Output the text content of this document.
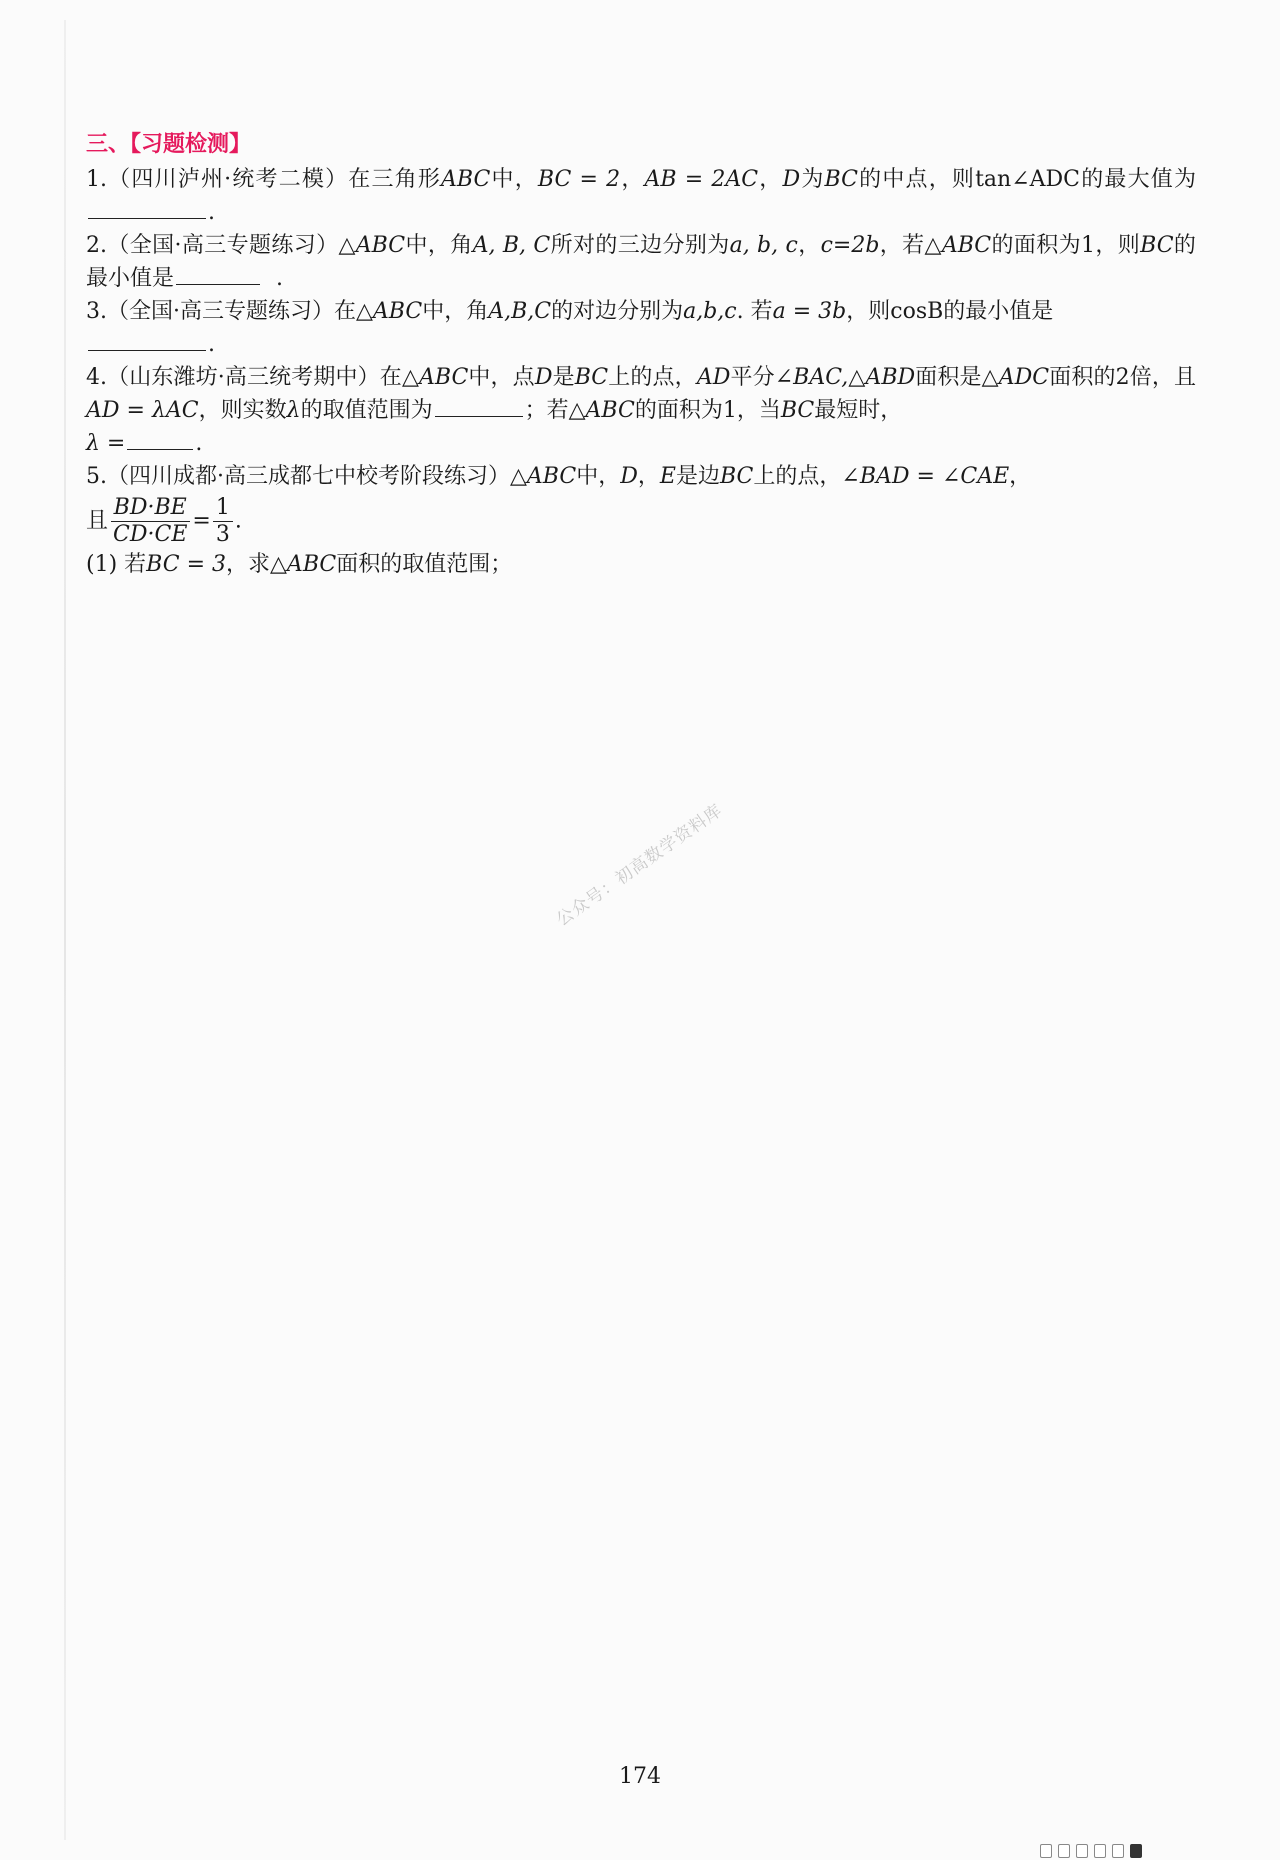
三、【习题检测】

1.（四川泸州·统考二模）在三角形ABC中，BC = 2，AB = 2AC，D为BC的中点，则tan∠ADC的最大值为.

2.（全国·高三专题练习）△ABC中，角A, B, C所对的三边分别为a, b, c，c=2b，若△ABC的面积为1，则BC的最小值是	.

3.（全国·高三专题练习）在△ABC中，角A,B,C的对边分别为a,b,c. 若a = 3b，则cosB的最小值是
.

4.（山东潍坊·高三统考期中）在△ABC中，点D是BC上的点，AD平分∠BAC,△ABD面积是△ADC面积的2倍，且AD = λAC，则实数λ的取值范围为	；若△ABC的面积为1，当BC最短时，
λ =	.

5.（四川成都·高三成都七中校考阶段练习）△ABC中，D，E是边BC上的点，∠BAD = ∠CAE，

且 $\frac{BD\cdot BE}{CD\cdot CE} = \frac{1}{3}$ .

(1) 若BC = 3，求△ABC面积的取值范围；

公众号：初高数学资料库
174
